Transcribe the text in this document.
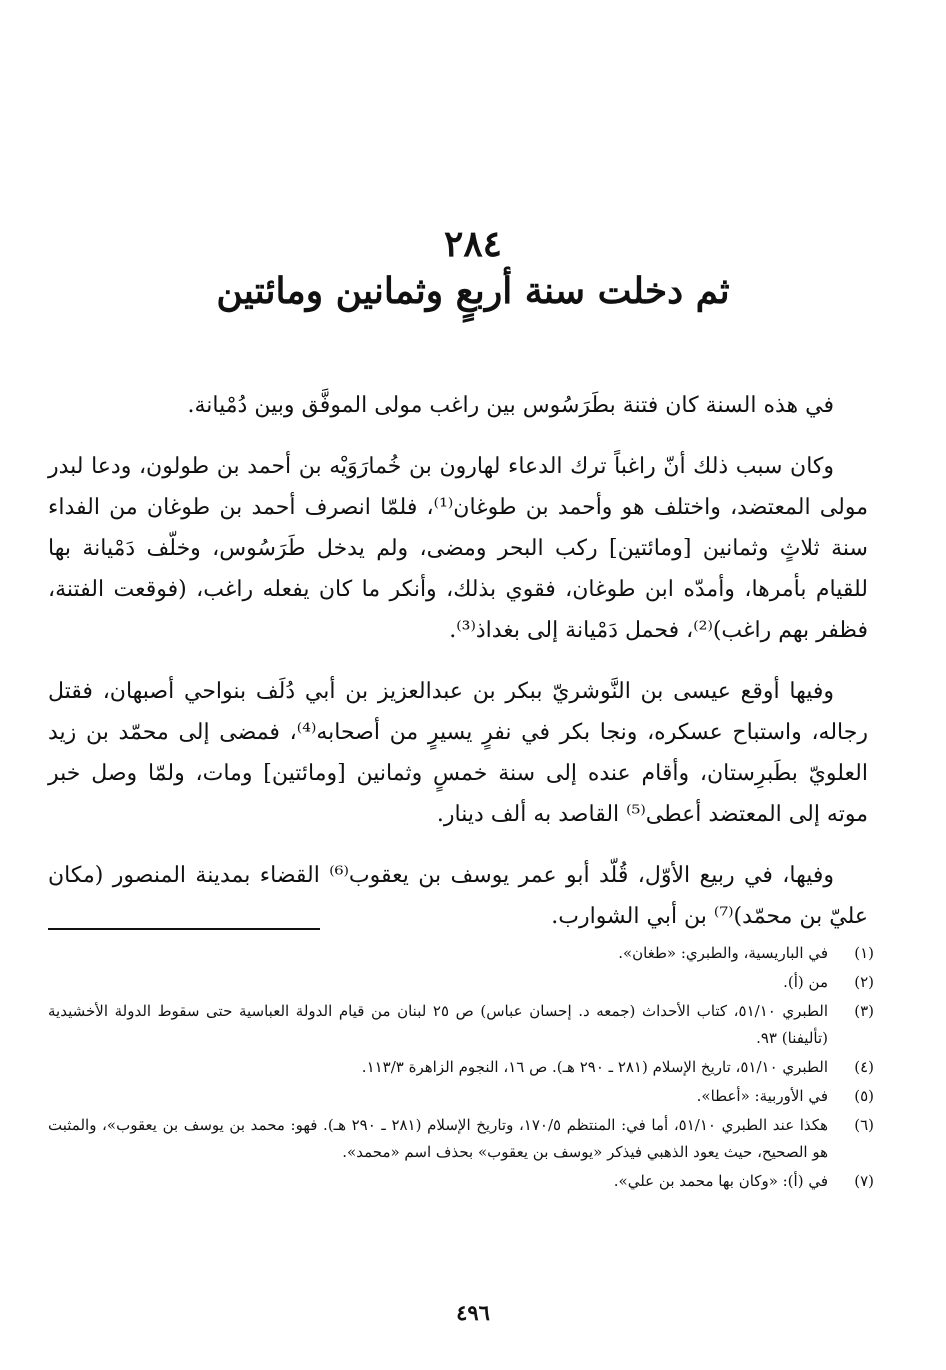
٢٨٤
ثم دخلت سنة أربعٍ وثمانين ومائتين

في هذه السنة كان فتنة بطَرَسُوس بين راغب مولى الموفَّق وبين دُمْيانة.

وكان سبب ذلك أنّ راغباً ترك الدعاء لهارون بن خُمارَوَيْه بن أحمد بن طولون، ودعا لبدر مولى المعتضد، واختلف هو وأحمد بن طوغان⁽¹⁾، فلمّا انصرف أحمد بن طوغان من الفداء سنة ثلاثٍ وثمانين [ومائتين] ركب البحر ومضى، ولم يدخل طَرَسُوس، وخلّف دَمْيانة بها للقيام بأمرها، وأمدّه ابن طوغان، فقوي بذلك، وأنكر ما كان يفعله راغب، (فوقعت الفتنة، فظفر بهم راغب)⁽²⁾، فحمل دَمْيانة إلى بغداذ⁽³⁾.

وفيها أوقع عيسى بن النَّوشريّ ببكر بن عبدالعزيز بن أبي دُلَف بنواحي أصبهان، فقتل رجاله، واستباح عسكره، ونجا بكر في نفرٍ يسيرٍ من أصحابه⁽⁴⁾، فمضى إلى محمّد بن زيد العلويّ بطَبرِستان، وأقام عنده إلى سنة خمسٍ وثمانين [ومائتين] ومات، ولمّا وصل خبر موته إلى المعتضد أعطى⁽⁵⁾ القاصد به ألف دينار.

وفيها، في ربيع الأوّل، قُلّد أبو عمر يوسف بن يعقوب⁽⁶⁾ القضاء بمدينة المنصور (مكان عليّ بن محمّد)⁽⁷⁾ بن أبي الشوارب.

(١)
في الباريسية، والطبري: «طغان».
(٢)
من (أ).
(٣)
الطبري ٥١/١٠، كتاب الأحداث (جمعه د. إحسان عباس) ص ٢٥ لبنان من قيام الدولة العباسية حتى سقوط الدولة الأخشيدية (تأليفنا) ٩٣.
(٤)
الطبري ٥١/١٠، تاريخ الإسلام (٢٨١ ـ ٢٩٠ هـ). ص ١٦، النجوم الزاهرة ١١٣/٣.
(٥)
في الأوربية: «أعطا».
(٦)
هكذا عند الطبري ٥١/١٠، أما في: المنتظم ١٧٠/٥، وتاريخ الإسلام (٢٨١ ـ ٢٩٠ هـ). فهو: محمد بن يوسف بن يعقوب»، والمثبت هو الصحيح، حيث يعود الذهبي فيذكر «يوسف بن يعقوب» بحذف اسم «محمد».
(٧)
في (أ): «وكان بها محمد بن علي».
٤٩٦
